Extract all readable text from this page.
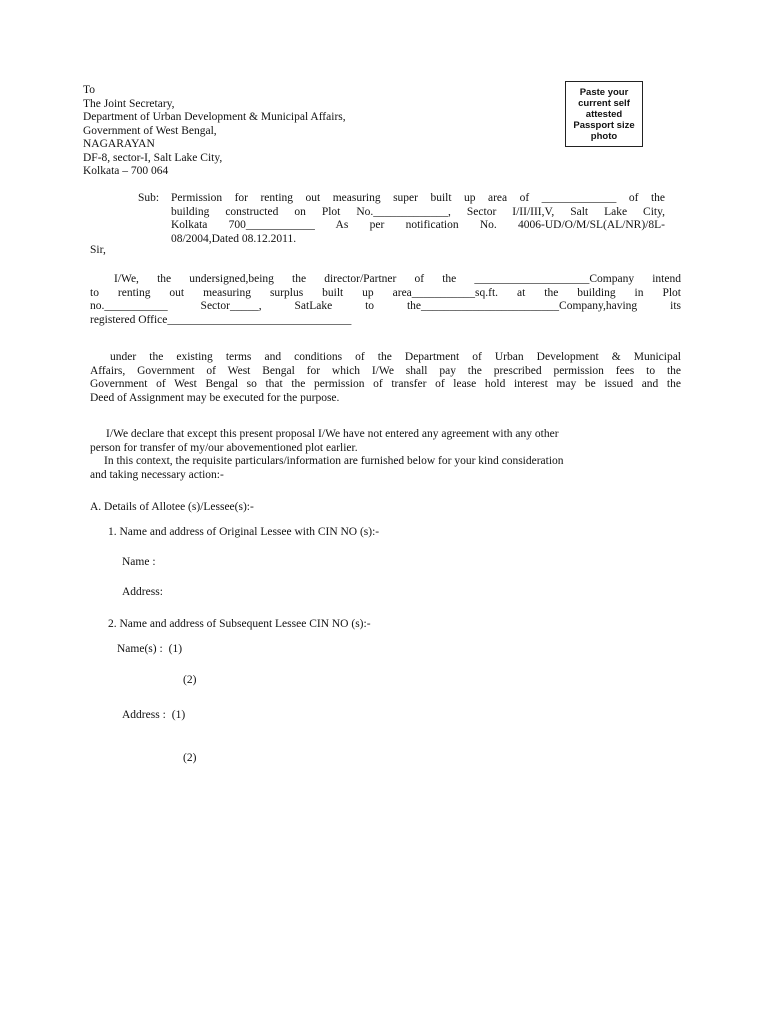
To
The Joint Secretary,
Department of Urban Development & Municipal Affairs,
Government of West Bengal,
NAGARAYAN
DF-8, sector-I, Salt Lake City,
Kolkata – 700 064
Paste your
current self
attested
Passport size
photo
Sub: Permission for renting out measuring super built up area of _____________ of the

building constructed on Plot No._____________, Sector I/II/III,V, Salt Lake City,

Kolkata 700____________ As per notification No. 4006-UD/O/M/SL(AL/NR)/8L-

08/2004,Dated 08.12.2011.

Sir,

I/We, the undersigned,being the director/Partner of the ____________________Company intend

to renting out measuring surplus built up area___________sq.ft. at the building in Plot

no.___________ Sector_____, SatLake to the________________________Company,having its

registered Office________________________________

under the existing terms and conditions of the Department of Urban Development & Municipal

Affairs, Government of West Bengal for which I/We shall pay the prescribed permission fees to the

Government of West Bengal so that the permission of transfer of lease hold interest may be issued and the

Deed of Assignment may be executed for the purpose.

I/We declare that except this present proposal I/We have not entered any agreement with any other

person for transfer of my/our abovementioned plot earlier.

In this context, the requisite particulars/information are furnished below for your kind consideration

and taking necessary action:-

A. Details of Allotee (s)/Lessee(s):-
1. Name and address of Original Lessee with CIN NO (s):-
Name :
Address:
2. Name and address of Subsequent Lessee CIN NO (s):-
Name(s) : (1)
(2)
Address : (1)
(2)
